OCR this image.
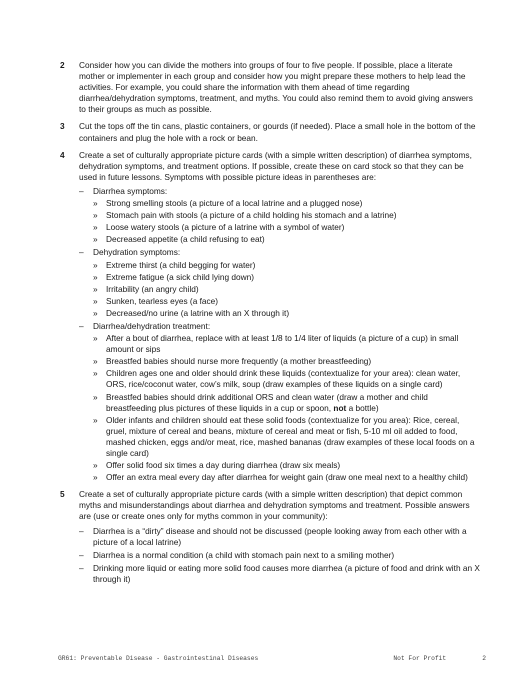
2 Consider how you can divide the mothers into groups of four to five people. If possible, place a literate mother or implementer in each group and consider how you might prepare these mothers to help lead the activities. For example, you could share the information with them ahead of time regarding diarrhea/dehydration symptoms, treatment, and myths. You could also remind them to avoid giving answers to their groups as much as possible.

3 Cut the tops off the tin cans, plastic containers, or gourds (if needed). Place a small hole in the bottom of the containers and plug the hole with a rock or bean.

4 Create a set of culturally appropriate picture cards (with a simple written description) of diarrhea symptoms, dehydration symptoms, and treatment options. If possible, create these on card stock so that they can be used in future lessons. Symptoms with possible picture ideas in parentheses are:

– Diarrhea symptoms:
» Strong smelling stools (a picture of a local latrine and a plugged nose)
» Stomach pain with stools (a picture of a child holding his stomach and a latrine)
» Loose watery stools (a picture of a latrine with a symbol of water)
» Decreased appetite (a child refusing to eat)
– Dehydration symptoms:
» Extreme thirst (a child begging for water)
» Extreme fatigue (a sick child lying down)
» Irritability (an angry child)
» Sunken, tearless eyes (a face)
» Decreased/no urine (a latrine with an X through it)
– Diarrhea/dehydration treatment:
» After a bout of diarrhea, replace with at least 1/8 to 1/4 liter of liquids (a picture of a cup) in small amount or sips
» Breastfed babies should nurse more frequently (a mother breastfeeding)
» Children ages one and older should drink these liquids (contextualize for your area): clean water, ORS, rice/coconut water, cow’s milk, soup (draw examples of these liquids on a single card)
» Breastfed babies should drink additional ORS and clean water (draw a mother and child breastfeeding plus pictures of these liquids in a cup or spoon, not a bottle)
» Older infants and children should eat these solid foods (contextualize for you area): Rice, cereal, gruel, mixture of cereal and beans, mixture of cereal and meat or fish, 5-10 ml oil added to food, mashed chicken, eggs and/or meat, rice, mashed bananas (draw examples of these local foods on a single card)
» Offer solid food six times a day during diarrhea (draw six meals)
» Offer an extra meal every day after diarrhea for weight gain (draw one meal next to a healthy child)
5 Create a set of culturally appropriate picture cards (with a simple written description) that depict common myths and misunderstandings about diarrhea and dehydration symptoms and treatment. Possible answers are (use or create ones only for myths common in your community):

– Diarrhea is a “dirty” disease and should not be discussed (people looking away from each other with a picture of a local latrine)
– Diarrhea is a normal condition (a child with stomach pain next to a smiling mother)
– Drinking more liquid or eating more solid food causes more diarrhea (a picture of food and drink with an X through it)
GR61: Preventable Disease - Gastrointestinal Diseases	Not For Profit	2
